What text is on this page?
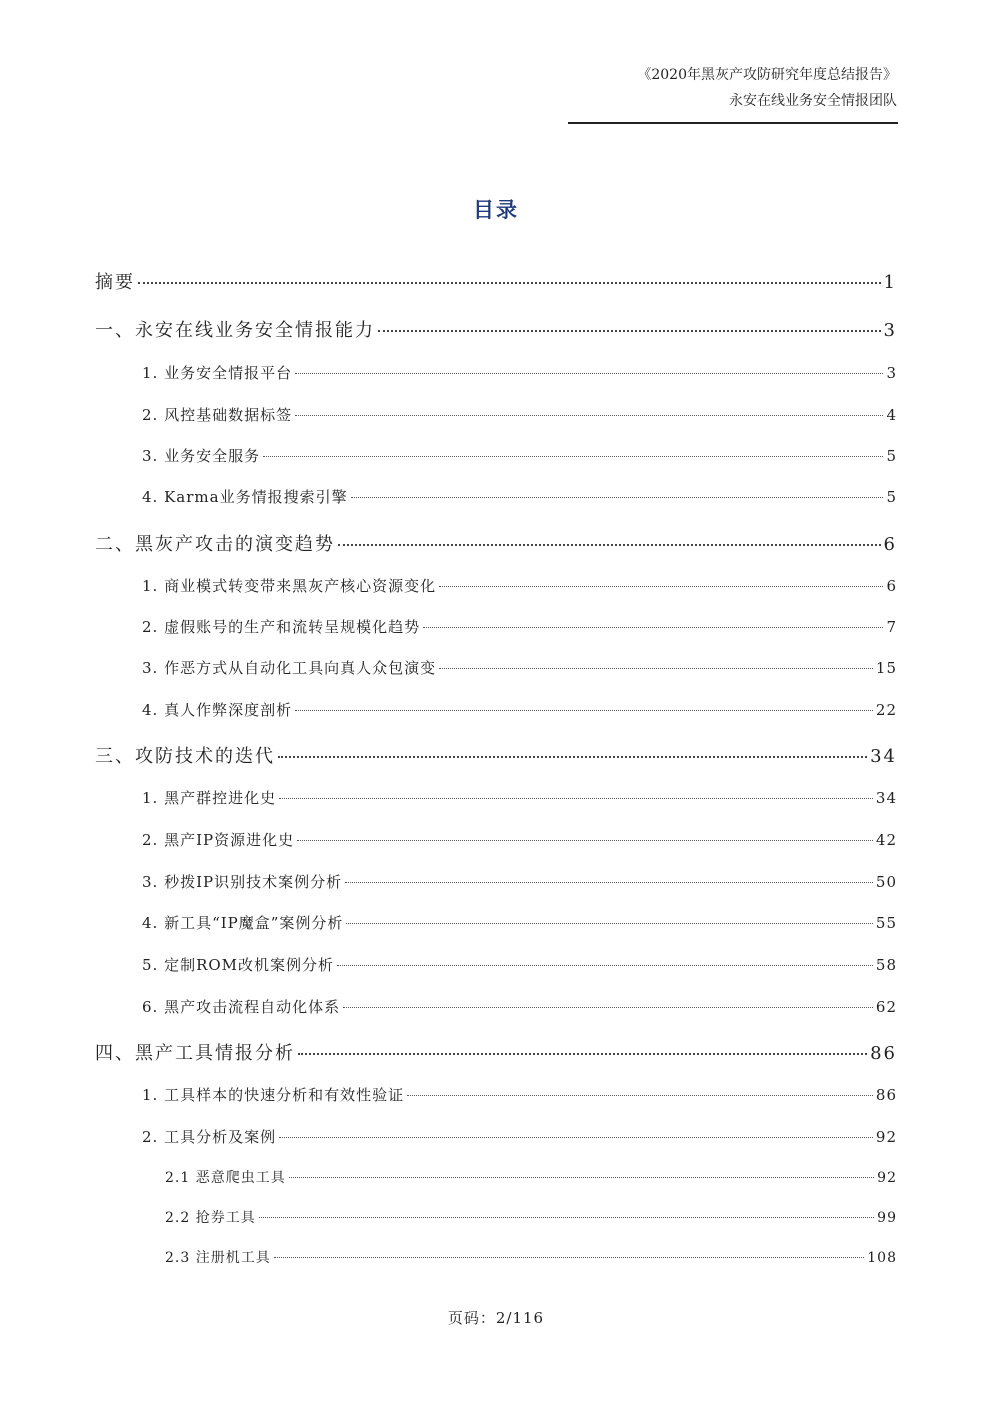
《2020年黑灰产攻防研究年度总结报告》
永安在线业务安全情报团队
目录
摘要	1
一、永安在线业务安全情报能力	3
1. 业务安全情报平台	3
2. 风控基础数据标签	4
3. 业务安全服务	5
4. Karma业务情报搜索引擎	5
二、黑灰产攻击的演变趋势	6
1. 商业模式转变带来黑灰产核心资源变化	6
2. 虚假账号的生产和流转呈规模化趋势	7
3. 作恶方式从自动化工具向真人众包演变	15
4. 真人作弊深度剖析	22
三、攻防技术的迭代	34
1. 黑产群控进化史	34
2. 黑产IP资源进化史	42
3. 秒拨IP识别技术案例分析	50
4. 新工具“IP魔盒”案例分析	55
5. 定制ROM改机案例分析	58
6. 黑产攻击流程自动化体系	62
四、黑产工具情报分析	86
1. 工具样本的快速分析和有效性验证	86
2. 工具分析及案例	92
2.1 恶意爬虫工具	92
2.2 抢券工具	99
2.3 注册机工具	108
页码：2/116
